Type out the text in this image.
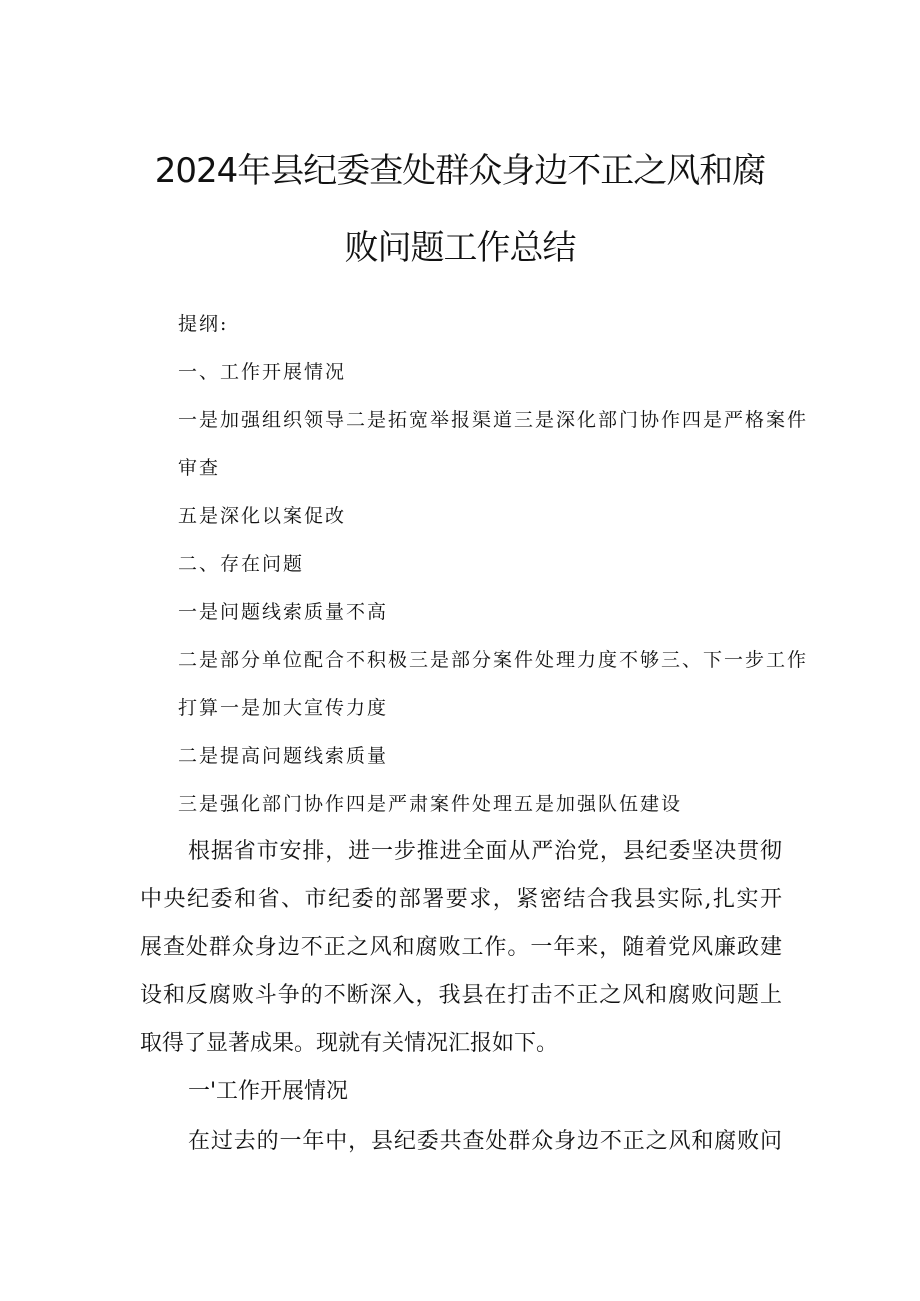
2024年县纪委查处群众身边不正之风和腐
败问题工作总结
提纲:
一、工作开展情况
一是加强组织领导二是拓宽举报渠道三是深化部门协作四是严格案件
审查
五是深化以案促改
二、存在问题
一是问题线索质量不高
二是部分单位配合不积极三是部分案件处理力度不够三、下一步工作
打算一是加大宣传力度
二是提高问题线索质量
三是强化部门协作四是严肃案件处理五是加强队伍建设
根据省市安排，进一步推进全面从严治党，县纪委坚决贯彻
中央纪委和省、市纪委的部署要求，紧密结合我县实际,扎实开
展查处群众身边不正之风和腐败工作。一年来，随着党风廉政建
设和反腐败斗争的不断深入，我县在打击不正之风和腐败问题上
取得了显著成果。现就有关情况汇报如下。
一'工作开展情况
在过去的一年中，县纪委共查处群众身边不正之风和腐败问
